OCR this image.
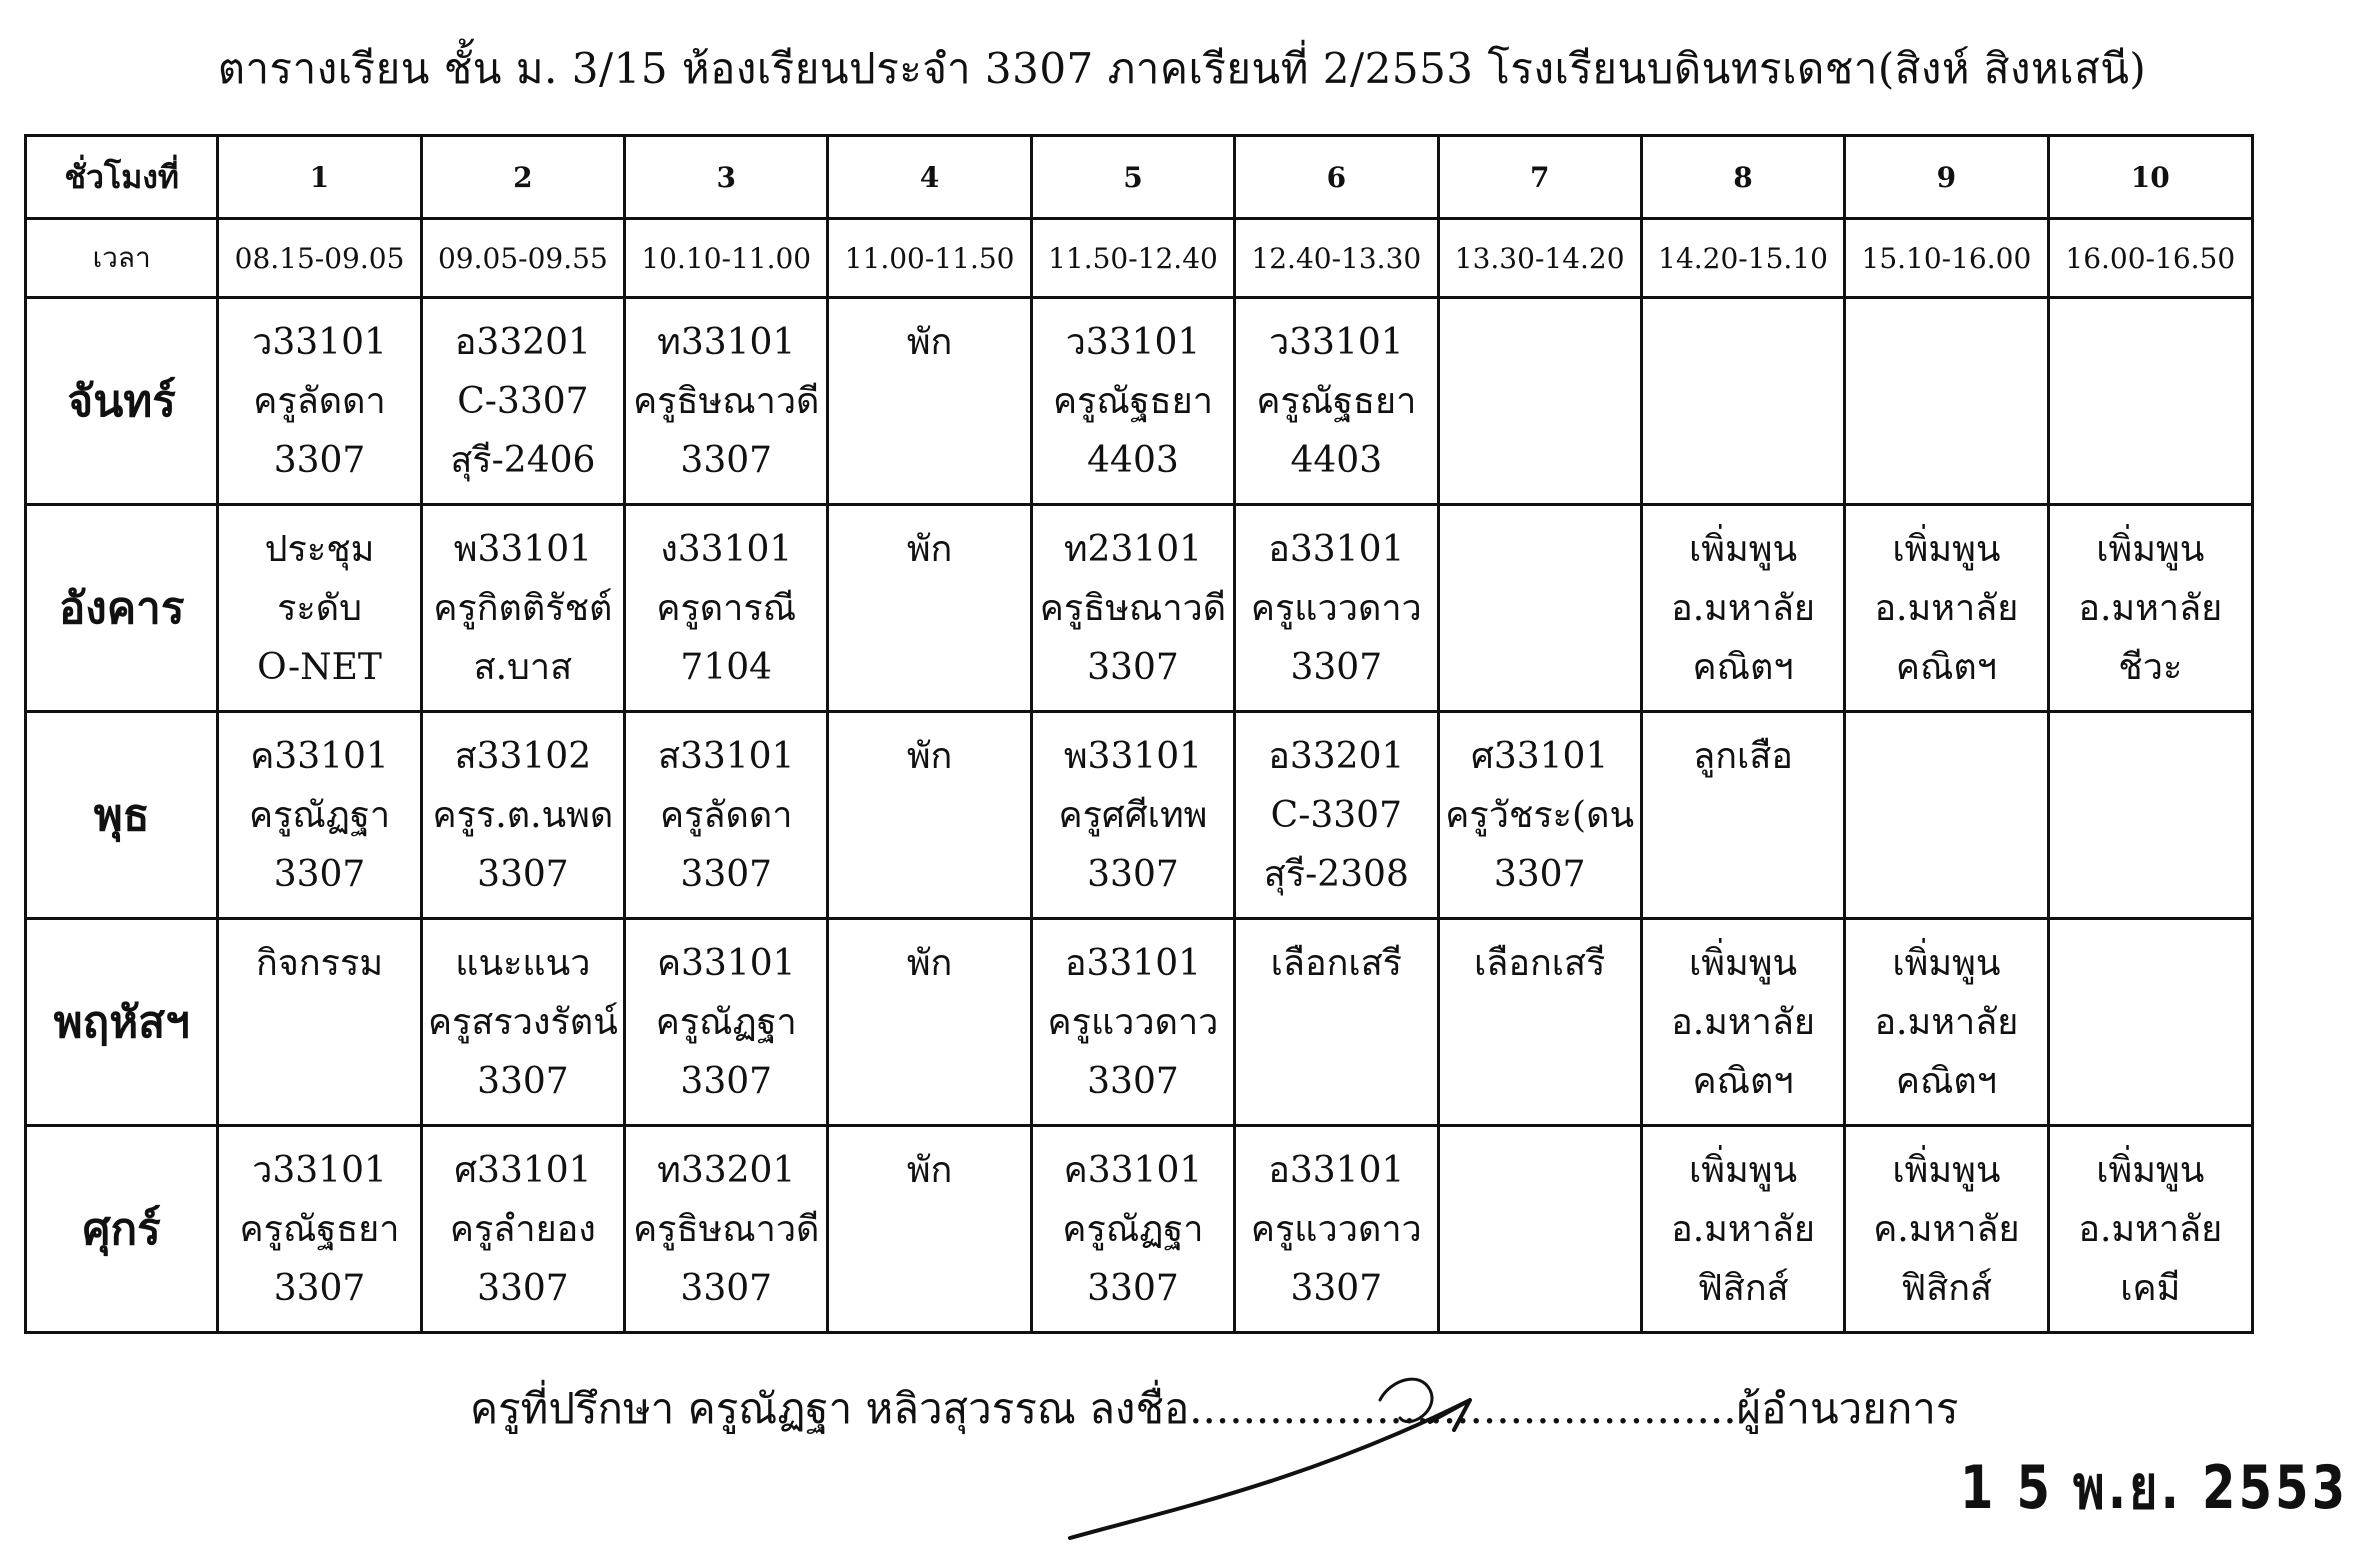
ตารางเรียน ชั้น ม. 3/15 ห้องเรียนประจำ 3307 ภาคเรียนที่ 2/2553 โรงเรียนบดินทรเดชา(สิงห์ สิงหเสนี)
ชั่วโมงที่	1	2	3	4	5	6	7	8	9	10
เวลา	08.15-09.05	09.05-09.55	10.10-11.00	11.00-11.50	11.50-12.40	12.40-13.30	13.30-14.20	14.20-15.10	15.10-16.00	16.00-16.50
จันทร์	ว33101
ครูลัดดา
3307	อ33201
C-3307
สุรี-2406	ท33101
ครูธิษณาวดี
3307	พัก	ว33101
ครูณัฐธยา
4403	ว33101
ครูณัฐธยา
4403				

อังคาร	ประชุม
ระดับ
O-NET	พ33101
ครูกิตติรัชต์
ส.บาส	ง33101
ครูดารณี
7104	พัก	ท23101
ครูธิษณาวดี
3307	อ33101
ครูแววดาว
3307		เพิ่มพูน
อ.มหาลัย
คณิตฯ	เพิ่มพูน
อ.มหาลัย
คณิตฯ	เพิ่มพูน
อ.มหาลัย
ชีวะ

พุธ	ค33101
ครูณัฏฐา
3307	ส33102
ครูร.ต.นพด
3307	ส33101
ครูลัดดา
3307	พัก	พ33101
ครูศศีเทพ
3307	อ33201
C-3307
สุรี-2308	ศ33101
ครูวัชระ(ดน
3307	ลูกเสือ		

พฤหัสฯ	กิจกรรม	แนะแนว
ครูสรวงรัตน์
3307	ค33101
ครูณัฏฐา
3307	พัก	อ33101
ครูแววดาว
3307	เลือกเสรี	เลือกเสรี	เพิ่มพูน
อ.มหาลัย
คณิตฯ	เพิ่มพูน
อ.มหาลัย
คณิตฯ	

ศุกร์	ว33101
ครูณัฐธยา
3307	ศ33101
ครูลำยอง
3307	ท33201
ครูธิษณาวดี
3307	พัก	ค33101
ครูณัฏฐา
3307	อ33101
ครูแววดาว
3307		เพิ่มพูน
อ.มหาลัย
ฟิสิกส์	เพิ่มพูน
ค.มหาลัย
ฟิสิกส์	เพิ่มพูน
อ.มหาลัย
เคมี
ครูที่ปรึกษา ครูณัฏฐา หลิวสุวรรณ ลงชื่อ.........................................ผู้อำนวยการ
1 5 พ.ย. 2553
